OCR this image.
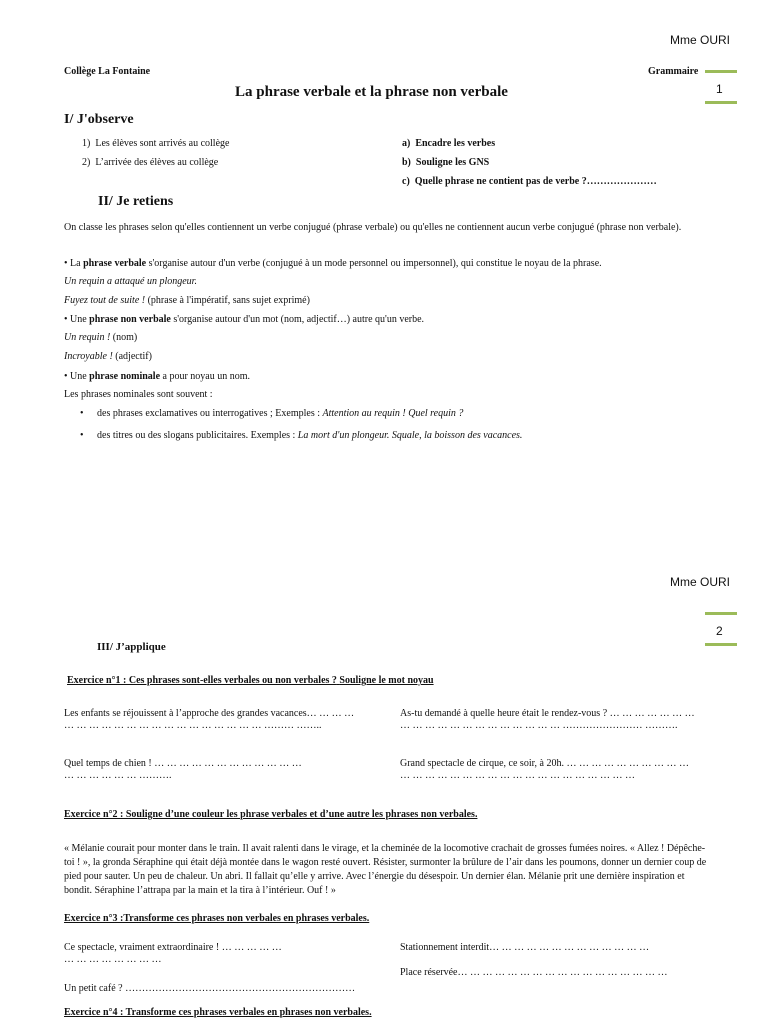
Mme OURI
Collège La Fontaine	Grammaire
1
La phrase verbale et la phrase non verbale
I/ J'observe
1)  Les élèves sont arrivés au collège
2)  L’arrivée des élèves au collège
a)  Encadre les verbes
b)  Souligne les GNS
c)  Quelle phrase ne contient pas de verbe ?…………………
II/ Je retiens
On classe les phrases selon qu'elles contiennent un verbe conjugué (phrase verbale) ou qu'elles ne contiennent aucun verbe conjugué (phrase non verbale).
• La phrase verbale s'organise autour d'un verbe (conjugué à un mode personnel ou impersonnel), qui constitue le noyau de la phrase.
Un requin a attaqué un plongeur.
Fuyez tout de suite ! (phrase à l'impératif, sans sujet exprimé)
• Une phrase non verbale s'organise autour d'un mot (nom, adjectif…) autre qu'un verbe.
Un requin ! (nom)
Incroyable ! (adjectif)
• Une phrase nominale a pour noyau un nom.
Les phrases nominales sont souvent :
• des phrases exclamatives ou interrogatives ; Exemples : Attention au requin ! Quel requin ?
• des titres ou des slogans publicitaires. Exemples : La mort d'un plongeur. Squale, la boisson des vacances.
Mme OURI
2
III/ J’applique
Exercice n°1 : Ces phrases sont-elles verbales ou non verbales ? Souligne le mot noyau
Les enfants se réjouissent à l’approche des grandes vacances… … … … … … … … … … … … … … … … … … … … ……… ……..
As-tu demandé à quelle heure était le rendez-vous ? … … … … … … … … … … … … … … … … … … … … …………………… ……….
Quel temps de chien ! … … … … … … … … … … … … … … … … … … ……….
Grand spectacle de cirque, ce soir, à 20h. … … … … … … … … … … … … … … … … … … … … … … … … … … … … …
Exercice n°2 : Souligne d’une couleur les phrase verbales et d’une autre les phrases non verbales.
« Mélanie courait pour monter dans le train. Il avait ralenti dans le virage, et la cheminée de la locomotive crachait de grosses fumées noires. « Allez ! Dépêche-toi ! », la gronda Séraphine qui était déjà montée dans le wagon resté ouvert. Résister, surmonter la brûlure de l’air dans les poumons, donner un dernier coup de pied pour sauter. Un peu de chaleur. Un abri. Il fallait qu’elle y arrive. Avec l’énergie du désespoir. Un dernier élan. Mélanie prit une dernière inspiration et bondit. Séraphine l’attrapa par la main et la tira à l’intérieur. Ouf ! »
Exercice n°3 :Transforme ces phrases non verbales en phrases verbales.
Ce spectacle, vraiment extraordinaire ! … … … … … … … … … … … … …
Stationnement interdit… … … … … … … … … … … … …
Place réservée… … … … … … … … … … … … … … … … …
Un petit café ? ……………………………………………………………
Exercice n°4 : Transforme ces phrases verbales en phrases non verbales.
